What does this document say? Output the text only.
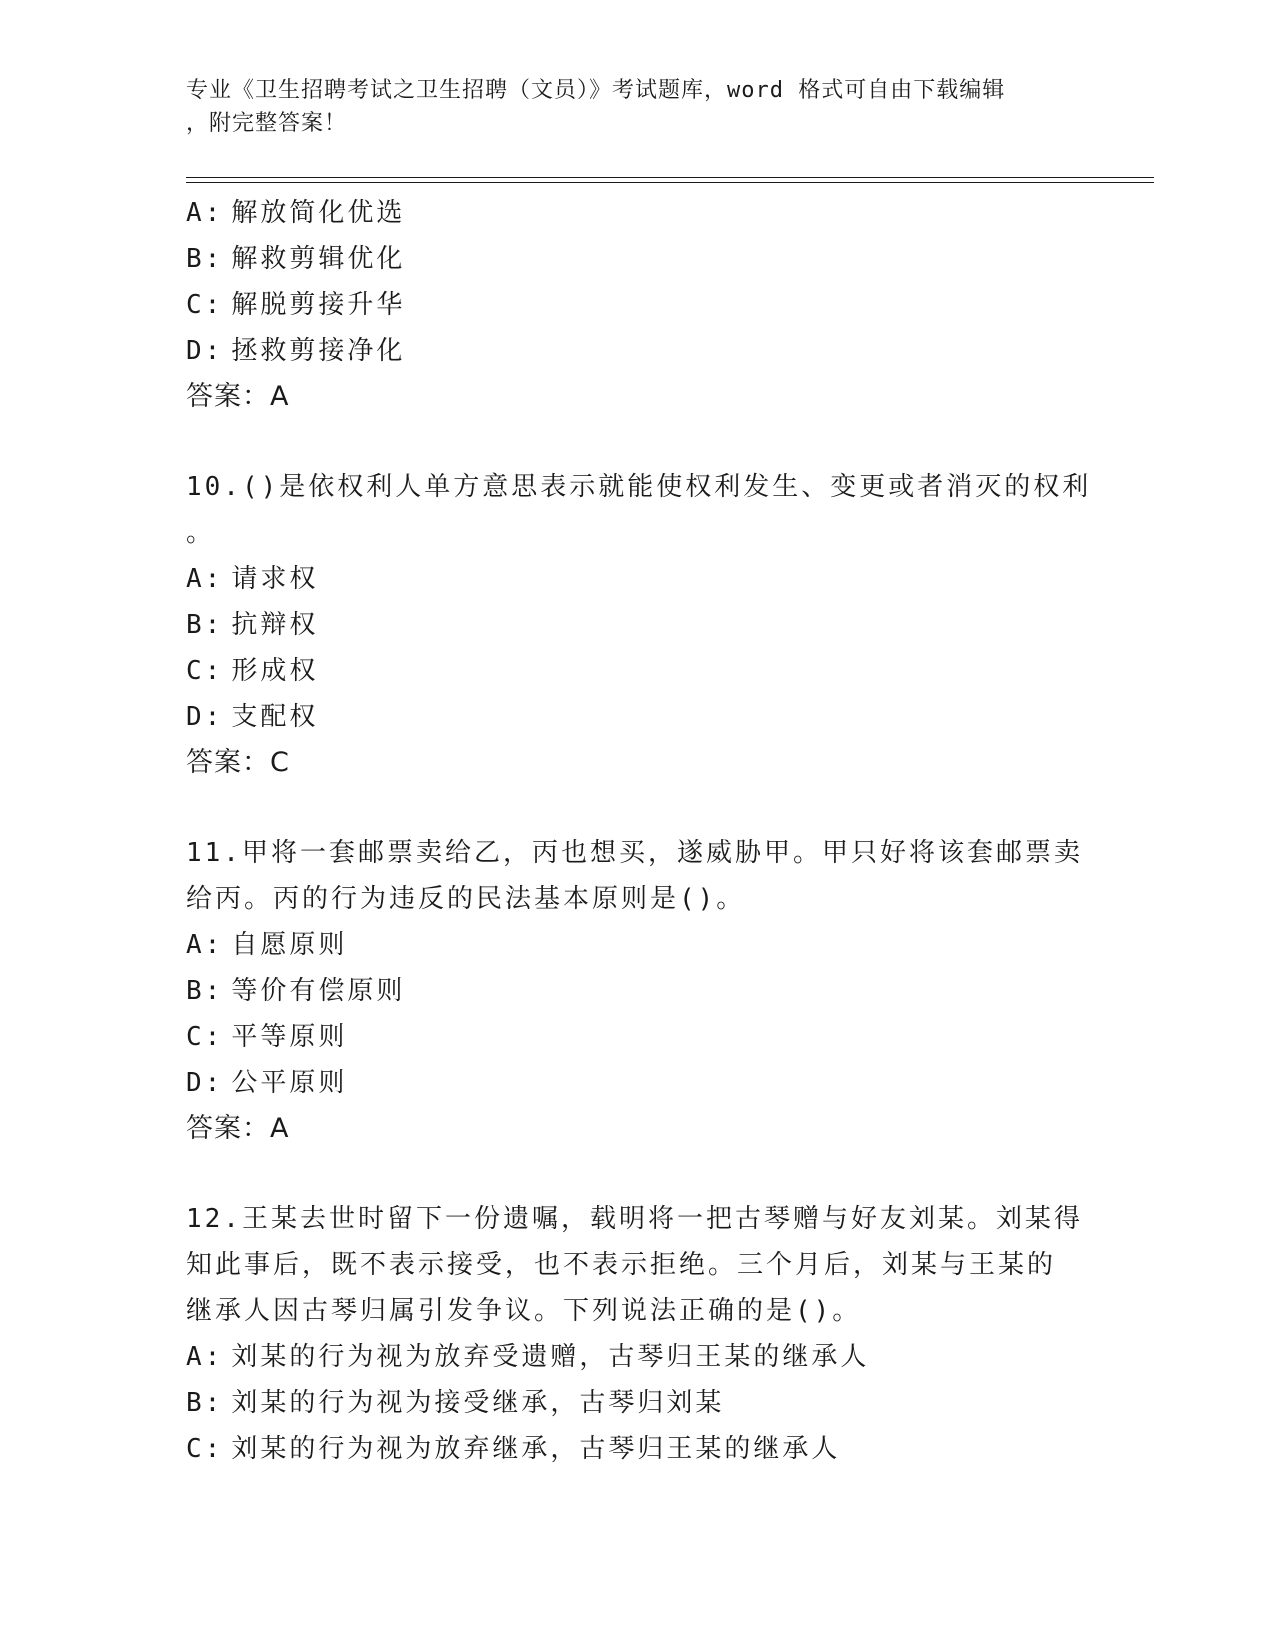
专业《卫生招聘考试之卫生招聘（文员）》考试题库，word 格式可自由下载编辑
，附完整答案！
A: 解放简化优选
B: 解救剪辑优化
C: 解脱剪接升华
D: 拯救剪接净化
答案：A
10.()是依权利人单方意思表示就能使权利发生、变更或者消灭的权利
。
A: 请求权
B: 抗辩权
C: 形成权
D: 支配权
答案：C
11.甲将一套邮票卖给乙，丙也想买，遂威胁甲。甲只好将该套邮票卖
给丙。丙的行为违反的民法基本原则是()。
A: 自愿原则
B: 等价有偿原则
C: 平等原则
D: 公平原则
答案：A
12.王某去世时留下一份遗嘱，载明将一把古琴赠与好友刘某。刘某得
知此事后，既不表示接受，也不表示拒绝。三个月后，刘某与王某的
继承人因古琴归属引发争议。下列说法正确的是()。
A: 刘某的行为视为放弃受遗赠，古琴归王某的继承人
B: 刘某的行为视为接受继承，古琴归刘某
C: 刘某的行为视为放弃继承，古琴归王某的继承人
